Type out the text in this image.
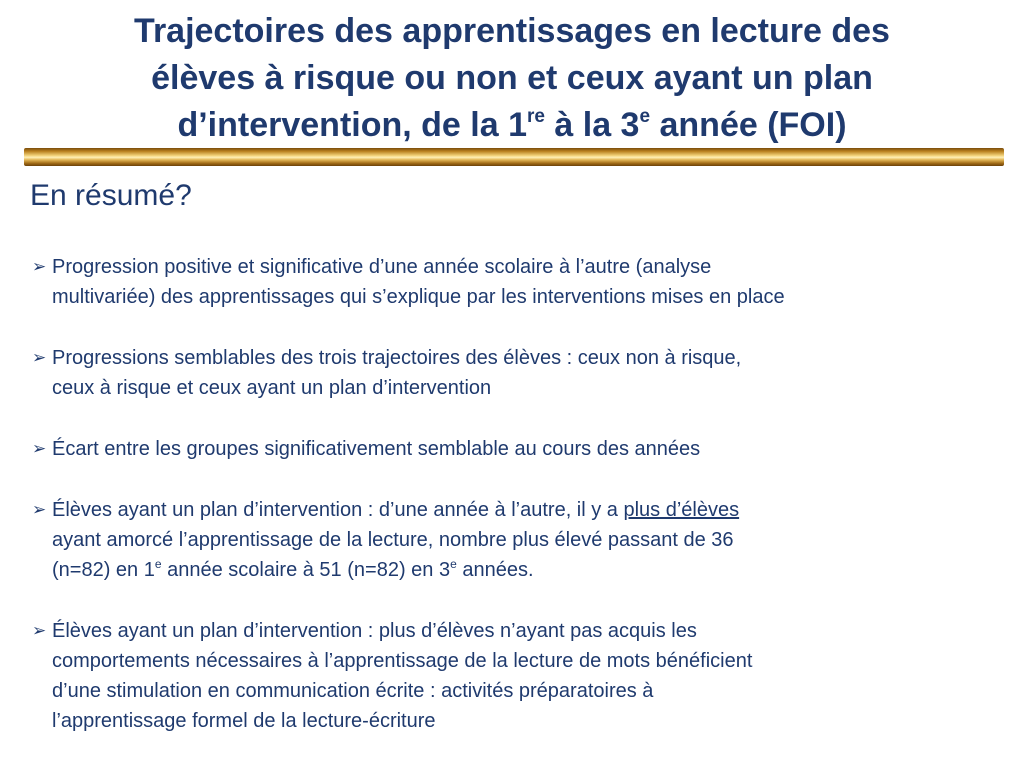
Trajectoires des apprentissages en lecture des
élèves à risque ou non et ceux ayant un plan
d’intervention, de la 1re à la 3e année (FOI)
En résumé?
➢ Progression positive et significative d’une année scolaire à l’autre (analyse
multivariée) des apprentissages qui s’explique par les interventions mises en place
➢ Progressions semblables des trois trajectoires des élèves : ceux non à risque,
ceux à risque et ceux ayant un plan d’intervention
➢ Écart entre les groupes significativement semblable au cours des années
➢ Élèves ayant un plan d’intervention : d’une année à l’autre, il y a plus d’élèves
ayant amorcé l’apprentissage de la lecture, nombre plus élevé passant de 36
(n=82) en 1e année scolaire à 51 (n=82) en 3e années.
➢ Élèves ayant un plan d’intervention : plus d’élèves n’ayant pas acquis les
comportements nécessaires à l’apprentissage de la lecture de mots bénéficient
d’une stimulation en communication écrite : activités préparatoires à
l’apprentissage formel de la lecture-écriture
